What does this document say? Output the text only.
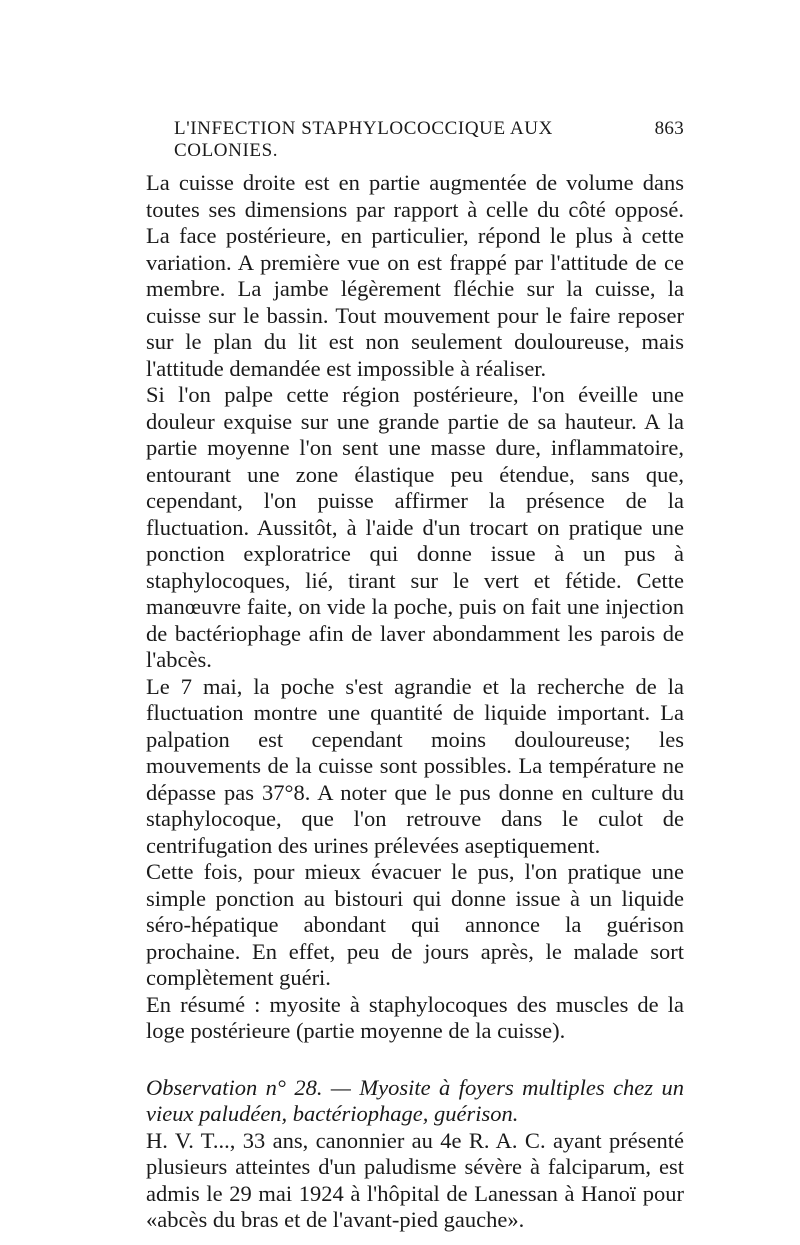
L'INFECTION STAPHYLOCOCCIQUE AUX COLONIES.
863

La cuisse droite est en partie augmentée de volume dans toutes ses dimensions par rapport à celle du côté opposé. La face postérieure, en particulier, répond le plus à cette variation. A première vue on est frappé par l'attitude de ce membre. La jambe légèrement fléchie sur la cuisse, la cuisse sur le bassin. Tout mouvement pour le faire reposer sur le plan du lit est non seulement douloureuse, mais l'attitude demandée est impossible à réaliser.

Si l'on palpe cette région postérieure, l'on éveille une douleur exquise sur une grande partie de sa hauteur. A la partie moyenne l'on sent une masse dure, inflammatoire, entourant une zone élastique peu étendue, sans que, cependant, l'on puisse affirmer la présence de la fluctuation. Aussitôt, à l'aide d'un trocart on pratique une ponction exploratrice qui donne issue à un pus à staphylocoques, lié, tirant sur le vert et fétide. Cette manœuvre faite, on vide la poche, puis on fait une injection de bactériophage afin de laver abondamment les parois de l'abcès.

Le 7 mai, la poche s'est agrandie et la recherche de la fluctuation montre une quantité de liquide important. La palpation est cependant moins douloureuse; les mouvements de la cuisse sont possibles. La température ne dépasse pas 37°8. A noter que le pus donne en culture du staphylocoque, que l'on retrouve dans le culot de centrifugation des urines prélevées aseptiquement.

Cette fois, pour mieux évacuer le pus, l'on pratique une simple ponction au bistouri qui donne issue à un liquide séro-hépatique abondant qui annonce la guérison prochaine. En effet, peu de jours après, le malade sort complètement guéri.

En résumé : myosite à staphylocoques des muscles de la loge postérieure (partie moyenne de la cuisse).

Observation n° 28. — Myosite à foyers multiples chez un vieux paludéen, bactériophage, guérison.

H. V. T..., 33 ans, canonnier au 4e R. A. C. ayant présenté plusieurs atteintes d'un paludisme sévère à falciparum, est admis le 29 mai 1924 à l'hôpital de Lanessan à Hanoï pour «abcès du bras et de l'avant-pied gauche».
